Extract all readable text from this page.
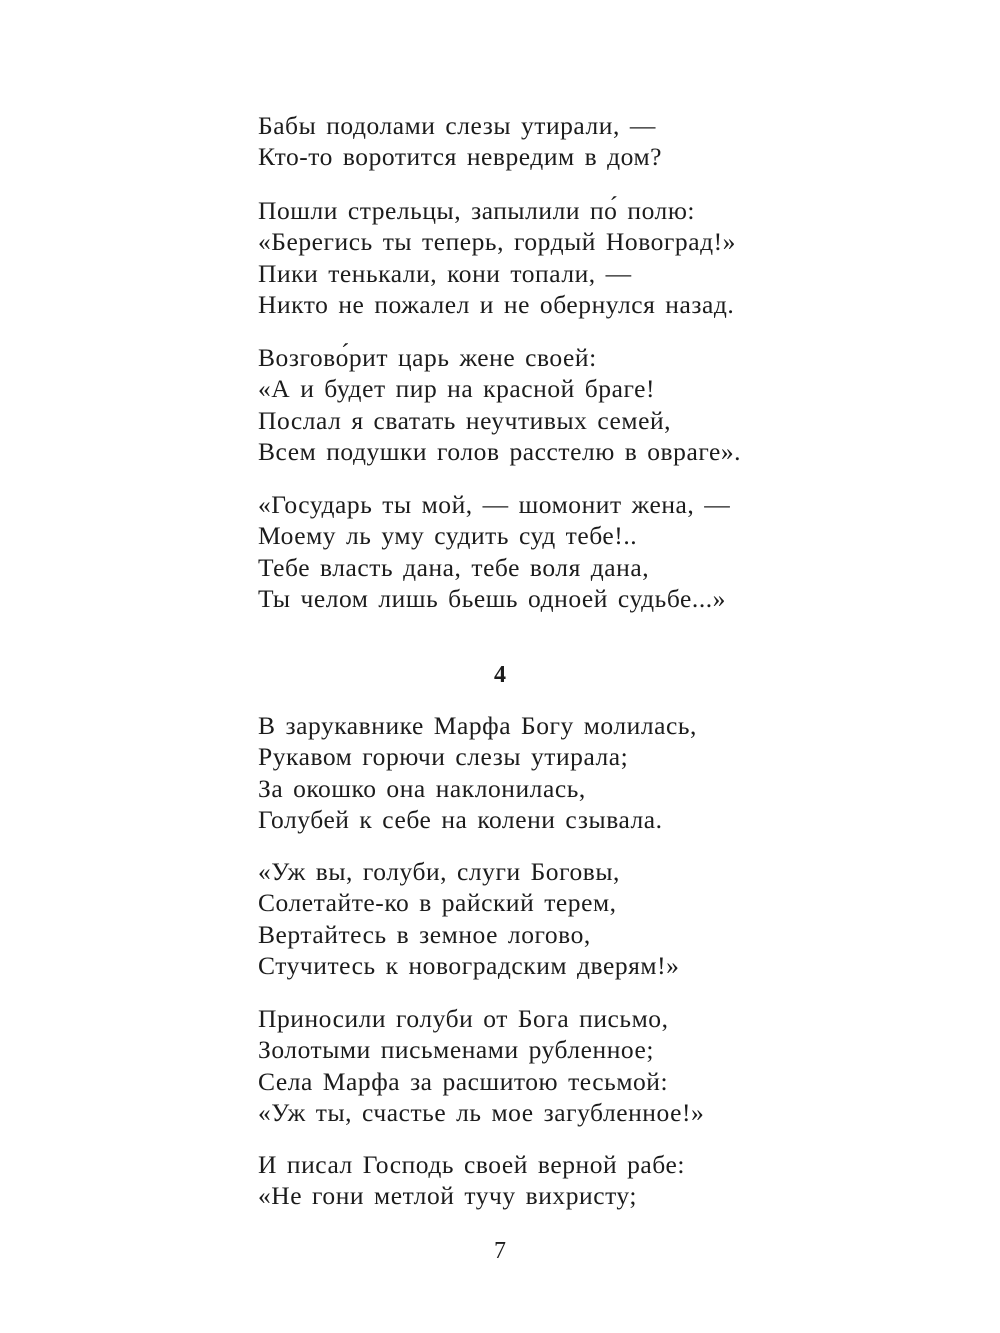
Бабы подолами слезы утирали, —
Кто-то воротится невредим в дом?
Пошли стрельцы, запылили по́ полю:
«Берегись ты теперь, гордый Новоград!»
Пики тенькали, кони топали, —
Никто не пожалел и не обернулся назад.
Возгово́рит царь жене своей:
«А и будет пир на красной браге!
Послал я сватать неучтивых семей,
Всем подушки голов расстелю в овраге».
«Государь ты мой, — шомонит жена, —
Моему ль уму судить суд тебе!..
Тебе власть дана, тебе воля дана,
Ты челом лишь бьешь одноей судьбе...»
4
В зарукавнике Марфа Богу молилась,
Рукавом горючи слезы утирала;
За окошко она наклонилась,
Голубей к себе на колени сзывала.
«Уж вы, голуби, слуги Боговы,
Солетайте-ко в райский терем,
Вертайтесь в земное логово,
Стучитесь к новоградским дверям!»
Приносили голуби от Бога письмо,
Золотыми письменами рубленное;
Села Марфа за расшитою тесьмой:
«Уж ты, счастье ль мое загубленное!»
И писал Господь своей верной рабе:
«Не гони метлой тучу вихристу;
7
